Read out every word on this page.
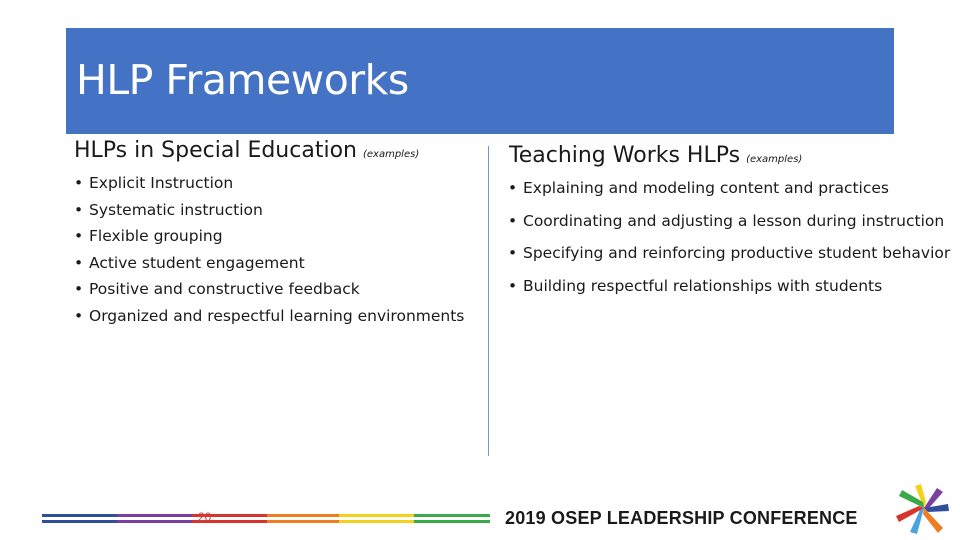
HLP Frameworks
HLPs in Special Education (examples)
• Explicit Instruction
• Systematic instruction
• Flexible grouping
• Active student engagement
• Positive and constructive feedback
• Organized and respectful learning environments
Teaching Works HLPs (examples)
• Explaining and modeling content and practices
• Coordinating and adjusting a lesson during instruction
• Specifying and reinforcing productive student behavior
• Building respectful relationships with students
20	2019 OSEP LEADERSHIP CONFERENCE
